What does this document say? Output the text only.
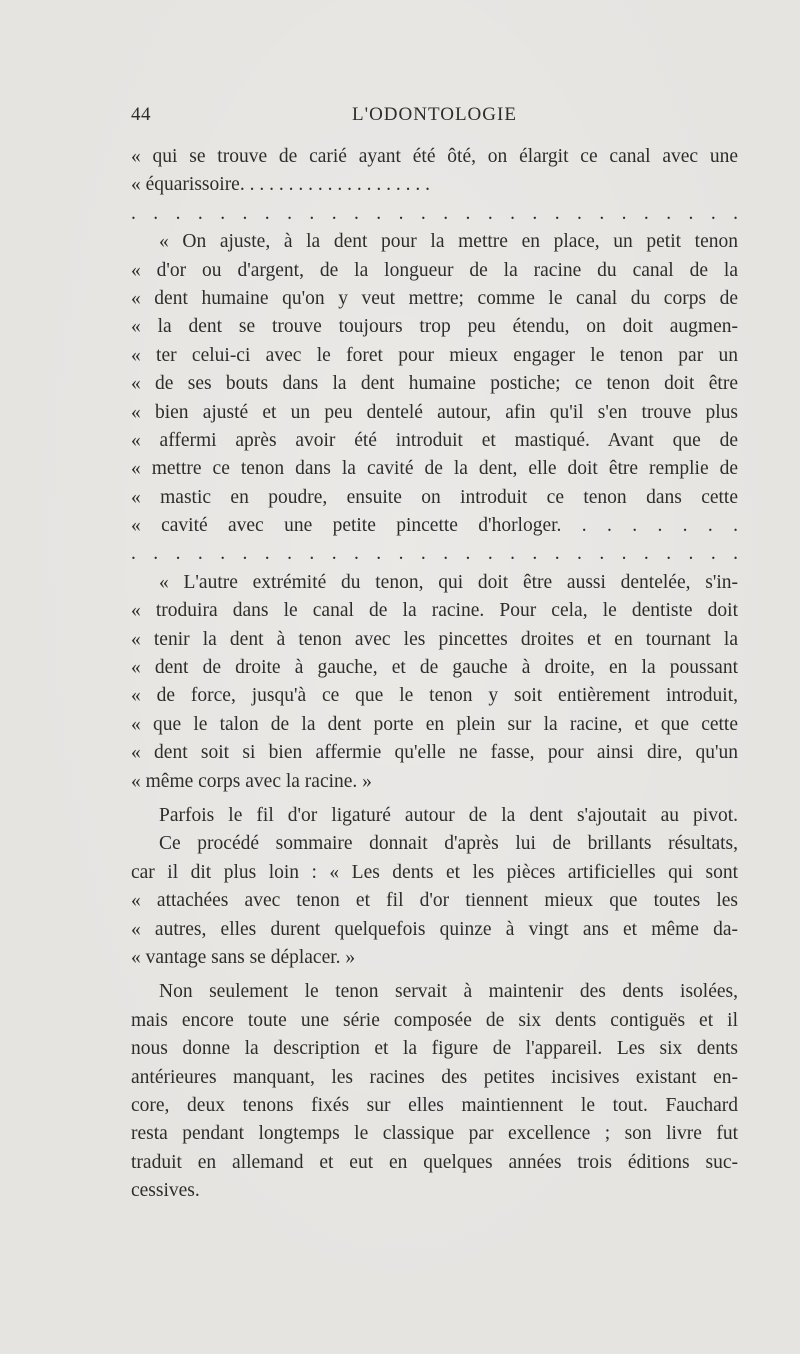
44	L'ODONTOLOGIE
« qui se trouve de carié ayant été ôté, on élargit ce canal avec une
« équarissoire. . . . . . . . . . . . . . . . . . . .
. . . . . . . . . . . . . . . . . . . . . . . . . . . .
« On ajuste, à la dent pour la mettre en place, un petit tenon
« d'or ou d'argent, de la longueur de la racine du canal de la
« dent humaine qu'on y veut mettre; comme le canal du corps de
« la dent se trouve toujours trop peu étendu, on doit augmen-
« ter celui-ci avec le foret pour mieux engager le tenon par un
« de ses bouts dans la dent humaine postiche; ce tenon doit être
« bien ajusté et un peu dentelé autour, afin qu'il s'en trouve plus
« affermi après avoir été introduit et mastiqué. Avant que de
« mettre ce tenon dans la cavité de la dent, elle doit être remplie de
« mastic en poudre, ensuite on introduit ce tenon dans cette
« cavité avec une petite pincette d'horloger. . . . . . . .
. . . . . . . . . . . . . . . . . . . . . . . . . . . .
« L'autre extrémité du tenon, qui doit être aussi dentelée, s'in-
« troduira dans le canal de la racine. Pour cela, le dentiste doit
« tenir la dent à tenon avec les pincettes droites et en tournant la
« dent de droite à gauche, et de gauche à droite, en la poussant
« de force, jusqu'à ce que le tenon y soit entièrement introduit,
« que le talon de la dent porte en plein sur la racine, et que cette
« dent soit si bien affermie qu'elle ne fasse, pour ainsi dire, qu'un
« même corps avec la racine. »
Parfois le fil d'or ligaturé autour de la dent s'ajoutait au pivot.
Ce procédé sommaire donnait d'après lui de brillants résultats,
car il dit plus loin : « Les dents et les pièces artificielles qui sont
« attachées avec tenon et fil d'or tiennent mieux que toutes les
« autres, elles durent quelquefois quinze à vingt ans et même da-
« vantage sans se déplacer. »
Non seulement le tenon servait à maintenir des dents isolées,
mais encore toute une série composée de six dents contiguës et il
nous donne la description et la figure de l'appareil. Les six dents
antérieures manquant, les racines des petites incisives existant en-
core, deux tenons fixés sur elles maintiennent le tout. Fauchard
resta pendant longtemps le classique par excellence ; son livre fut
traduit en allemand et eut en quelques années trois éditions suc-
cessives.
